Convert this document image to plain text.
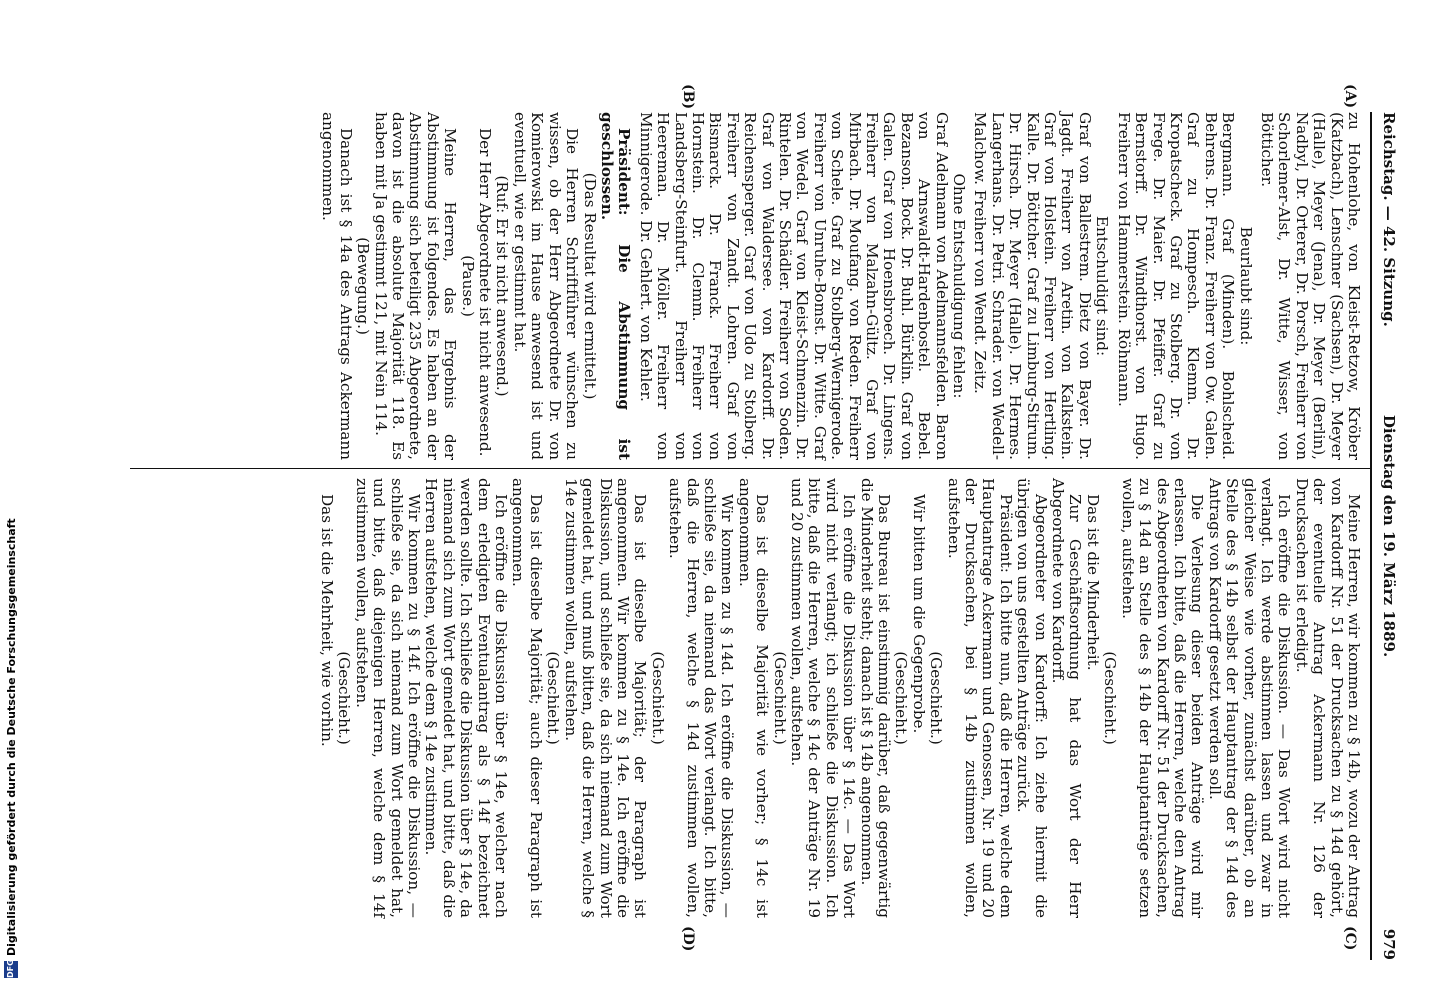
Reichstag. — 42. Sitzung.
Dienstag den 19. März 1889.
979
(A)
(B)
(C)
(D)

zu Hohenlohe, von Kleist-Retzow, Kröber (Katzbach), Lenschner (Sachsen), Dr. Meyer (Halle), Meyer (Jena), Dr. Meyer (Berlin), Nadbyl, Dr. Orterer, Dr. Porsch, Freiherr von Schorlemer-Alst, Dr. Witte, Wisser, von Bötticher.

Beurlaubt sind:

Bergmann. Graf (Minden). Bohlscheid. Behrens. Dr. Franz. Freiherr von Ow. Galen. Graf zu Hompesch. Klemm. Dr. Kropatscheck. Graf zu Stolberg. Dr. von Frege. Dr. Maier. Dr. Pfeiffer. Graf zu Bernstorff. Dr. Windthorst. von Hugo. Freiherr von Hammerstein. Röhmann.

Entschuldigt sind:

Graf von Ballestrem. Dietz von Bayer. Dr. Jagdt. Freiherr von Aretin. von Kalkstein. Graf von Holstein. Freiherr von Hertling. Kalle. Dr. Böttcher. Graf zu Limburg-Stirum. Dr. Hirsch. Dr. Meyer (Halle). Dr. Hermes. Langerhans. Dr. Petri. Schrader. von Wedell-Malchow. Freiherr von Wendt. Zeitz.

Ohne Entschuldigung fehlen:

Graf Adelmann von Adelmannsfelden. Baron von Arnswaldt-Hardenbostel. Bebel. Bezanson. Bock. Dr. Buhl. Bürklin. Graf von Galen. Graf von Hoensbroech. Dr. Lingens. Freiherr von Malzahn-Gültz. Graf von Mirbach. Dr. Moufang. von Reden. Freiherr von Schele. Graf zu Stolberg-Wernigerode. Freiherr von Unruhe-Bomst. Dr. Witte. Graf von Wedel. Graf von Kleist-Schmenzin. Dr. Rintelen. Dr. Schädler. Freiherr von Soden. Graf von Waldersee. von Kardorff. Dr. Reichensperger. Graf von Udo zu Stolberg. Freiherr von Zandt. Lohren. Graf von Bismarck. Dr. Franck. Freiherr von Hornstein. Dr. Clemm. Freiherr von Landsberg-Steinfurt. Freiherr von Heereman. Dr. Möller. Freiherr von Minnigerode. Dr. Gehlert. von Kehler.

Präsident: Die Abstimmung ist geschlossen.

(Das Resultat wird ermittelt.)

Die Herren Schriftführer wünschen zu wissen, ob der Herr Abgeordnete Dr. von Komierowski im Hause anwesend ist und eventuell, wie er gestimmt hat.

(Ruf: Er ist nicht anwesend.)

Der Herr Abgeordnete ist nicht anwesend.

(Pause.)

Meine Herren, das Ergebnis der Abstimmung ist folgendes. Es haben an der Abstimmung sich beteiligt 235 Abgeordnete, davon ist die absolute Majorität 118. Es haben mit Ja gestimmt 121, mit Nein 114.

(Bewegung.)

Danach ist § 14a des Antrags Ackermann angenommen.

Meine Herren, wir kommen zu § 14b, wozu der Antrag von Kardorff Nr. 51 der Drucksachen zu § 14d gehört, der eventuelle Antrag Ackermann Nr. 126 der Drucksachen ist erledigt.

Ich eröffne die Diskussion. — Das Wort wird nicht verlangt. Ich werde abstimmen lassen und zwar in gleicher Weise wie vorher, zunächst darüber, ob an Stelle des § 14b selbst der Hauptantrag der § 14d des Antrags von Kardorff gesetzt werden soll.

Die Verlesung dieser beiden Anträge wird mir erlassen. Ich bitte, daß die Herren, welche den Antrag des Abgeordneten von Kardorff Nr. 51 der Drucksachen, zu § 14d an Stelle des § 14b der Hauptanträge setzen wollen, aufstehen.

(Geschieht.)

Das ist die Minderheit.

Zur Geschäftsordnung hat das Wort der Herr Abgeordnete von Kardorff.

Abgeordneter von Kardorff: Ich ziehe hiermit die übrigen von uns gestellten Anträge zurück.

Präsident: Ich bitte nun, daß die Herren, welche dem Hauptantrage Ackermann und Genossen, Nr. 19 und 20 der Drucksachen, bei § 14b zustimmen wollen, aufstehen.

(Geschieht.)

Wir bitten um die Gegenprobe.

(Geschieht.)

Das Bureau ist einstimmig darüber, daß gegenwärtig die Minderheit steht; danach ist § 14b angenommen.

Ich eröffne die Diskussion über § 14c. — Das Wort wird nicht verlangt; ich schließe die Diskussion. Ich bitte, daß die Herren, welche § 14c der Anträge Nr. 19 und 20 zustimmen wollen, aufstehen.

(Geschieht.)

Das ist dieselbe Majorität wie vorher; § 14c ist angenommen.

Wir kommen zu § 14d. Ich eröffne die Diskussion, — schließe sie, da niemand das Wort verlangt. Ich bitte, daß die Herren, welche § 14d zustimmen wollen, aufstehen.

(Geschieht.)

Das ist dieselbe Majorität; der Paragraph ist angenommen. Wir kommen zu § 14e. Ich eröffne die Diskussion, und schließe sie, da sich niemand zum Wort gemeldet hat, und muß bitten, daß die Herren, welche § 14e zustimmen wollen, aufstehen.

(Geschieht.)

Das ist dieselbe Majorität; auch dieser Paragraph ist angenommen.

Ich eröffne die Diskussion über § 14e, welcher nach dem erledigten Eventualantrag als § 14f bezeichnet werden sollte. Ich schließe die Diskussion über § 14e, da niemand sich zum Wort gemeldet hat, und bitte, daß die Herren aufstehen, welche dem § 14e zustimmen.

Wir kommen zu § 14f. Ich eröffne die Diskussion, — schließe sie, da sich niemand zum Wort gemeldet hat, und bitte, daß diejenigen Herren, welche dem § 14f zustimmen wollen, aufstehen.

(Geschieht.)

Das ist die Mehrheit, wie vorhin.

DFG
Digitalisierung gefördert durch die Deutsche Forschungsgemeinschaft
